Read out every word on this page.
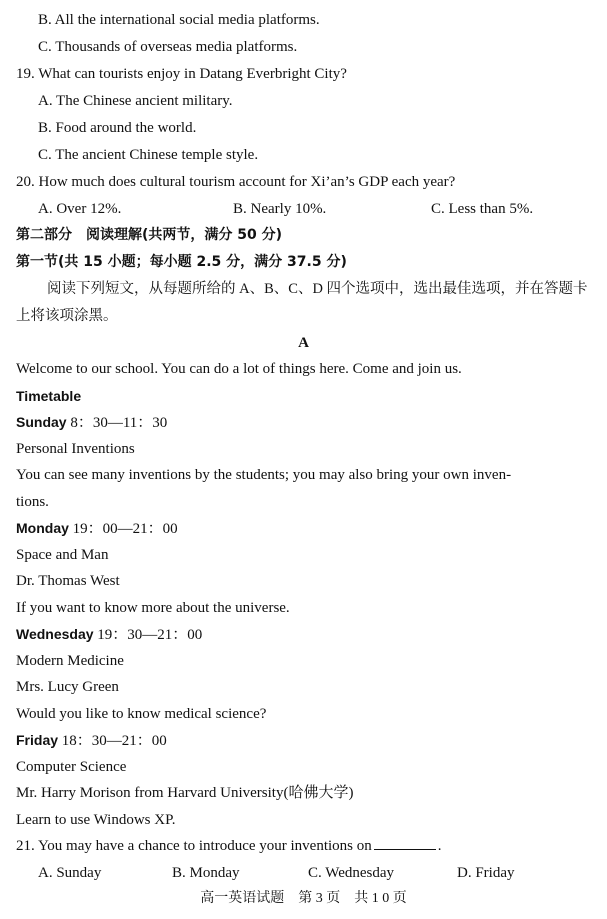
B. All the international social media platforms.
C. Thousands of overseas media platforms.
19. What can tourists enjoy in Datang Everbright City?
A. The Chinese ancient military.
B. Food around the world.
C. The ancient Chinese temple style.
20. How much does cultural tourism account for Xi’an’s GDP each year?
A. Over 12%.	B. Nearly 10%.	C. Less than 5%.
第二部分　阅读理解(共两节，满分 50 分)
第一节(共 15 小题；每小题 2.5 分，满分 37.5 分)
阅读下列短文，从每题所给的 A、B、C、D 四个选项中，选出最佳选项，并在答题卡
上将该项涂黑。
A
Welcome to our school. You can do a lot of things here. Come and join us.
Timetable
Sunday 8：30—11：30
Personal Inventions
You can see many inventions by the students; you may also bring your own inven-
tions.
Monday 19：00—21：00
Space and Man
Dr. Thomas West
If you want to know more about the universe.
Wednesday 19：30—21：00
Modern Medicine
Mrs. Lucy Green
Would you like to know medical science?
Friday 18：30—21：00
Computer Science
Mr. Harry Morison from Harvard University(哈佛大学)
Learn to use Windows XP.
21. You may have a chance to introduce your inventions on	.
A. Sunday	B. Monday	C. Wednesday	D. Friday
高一英语试题　第 3 页　共 1 0 页
